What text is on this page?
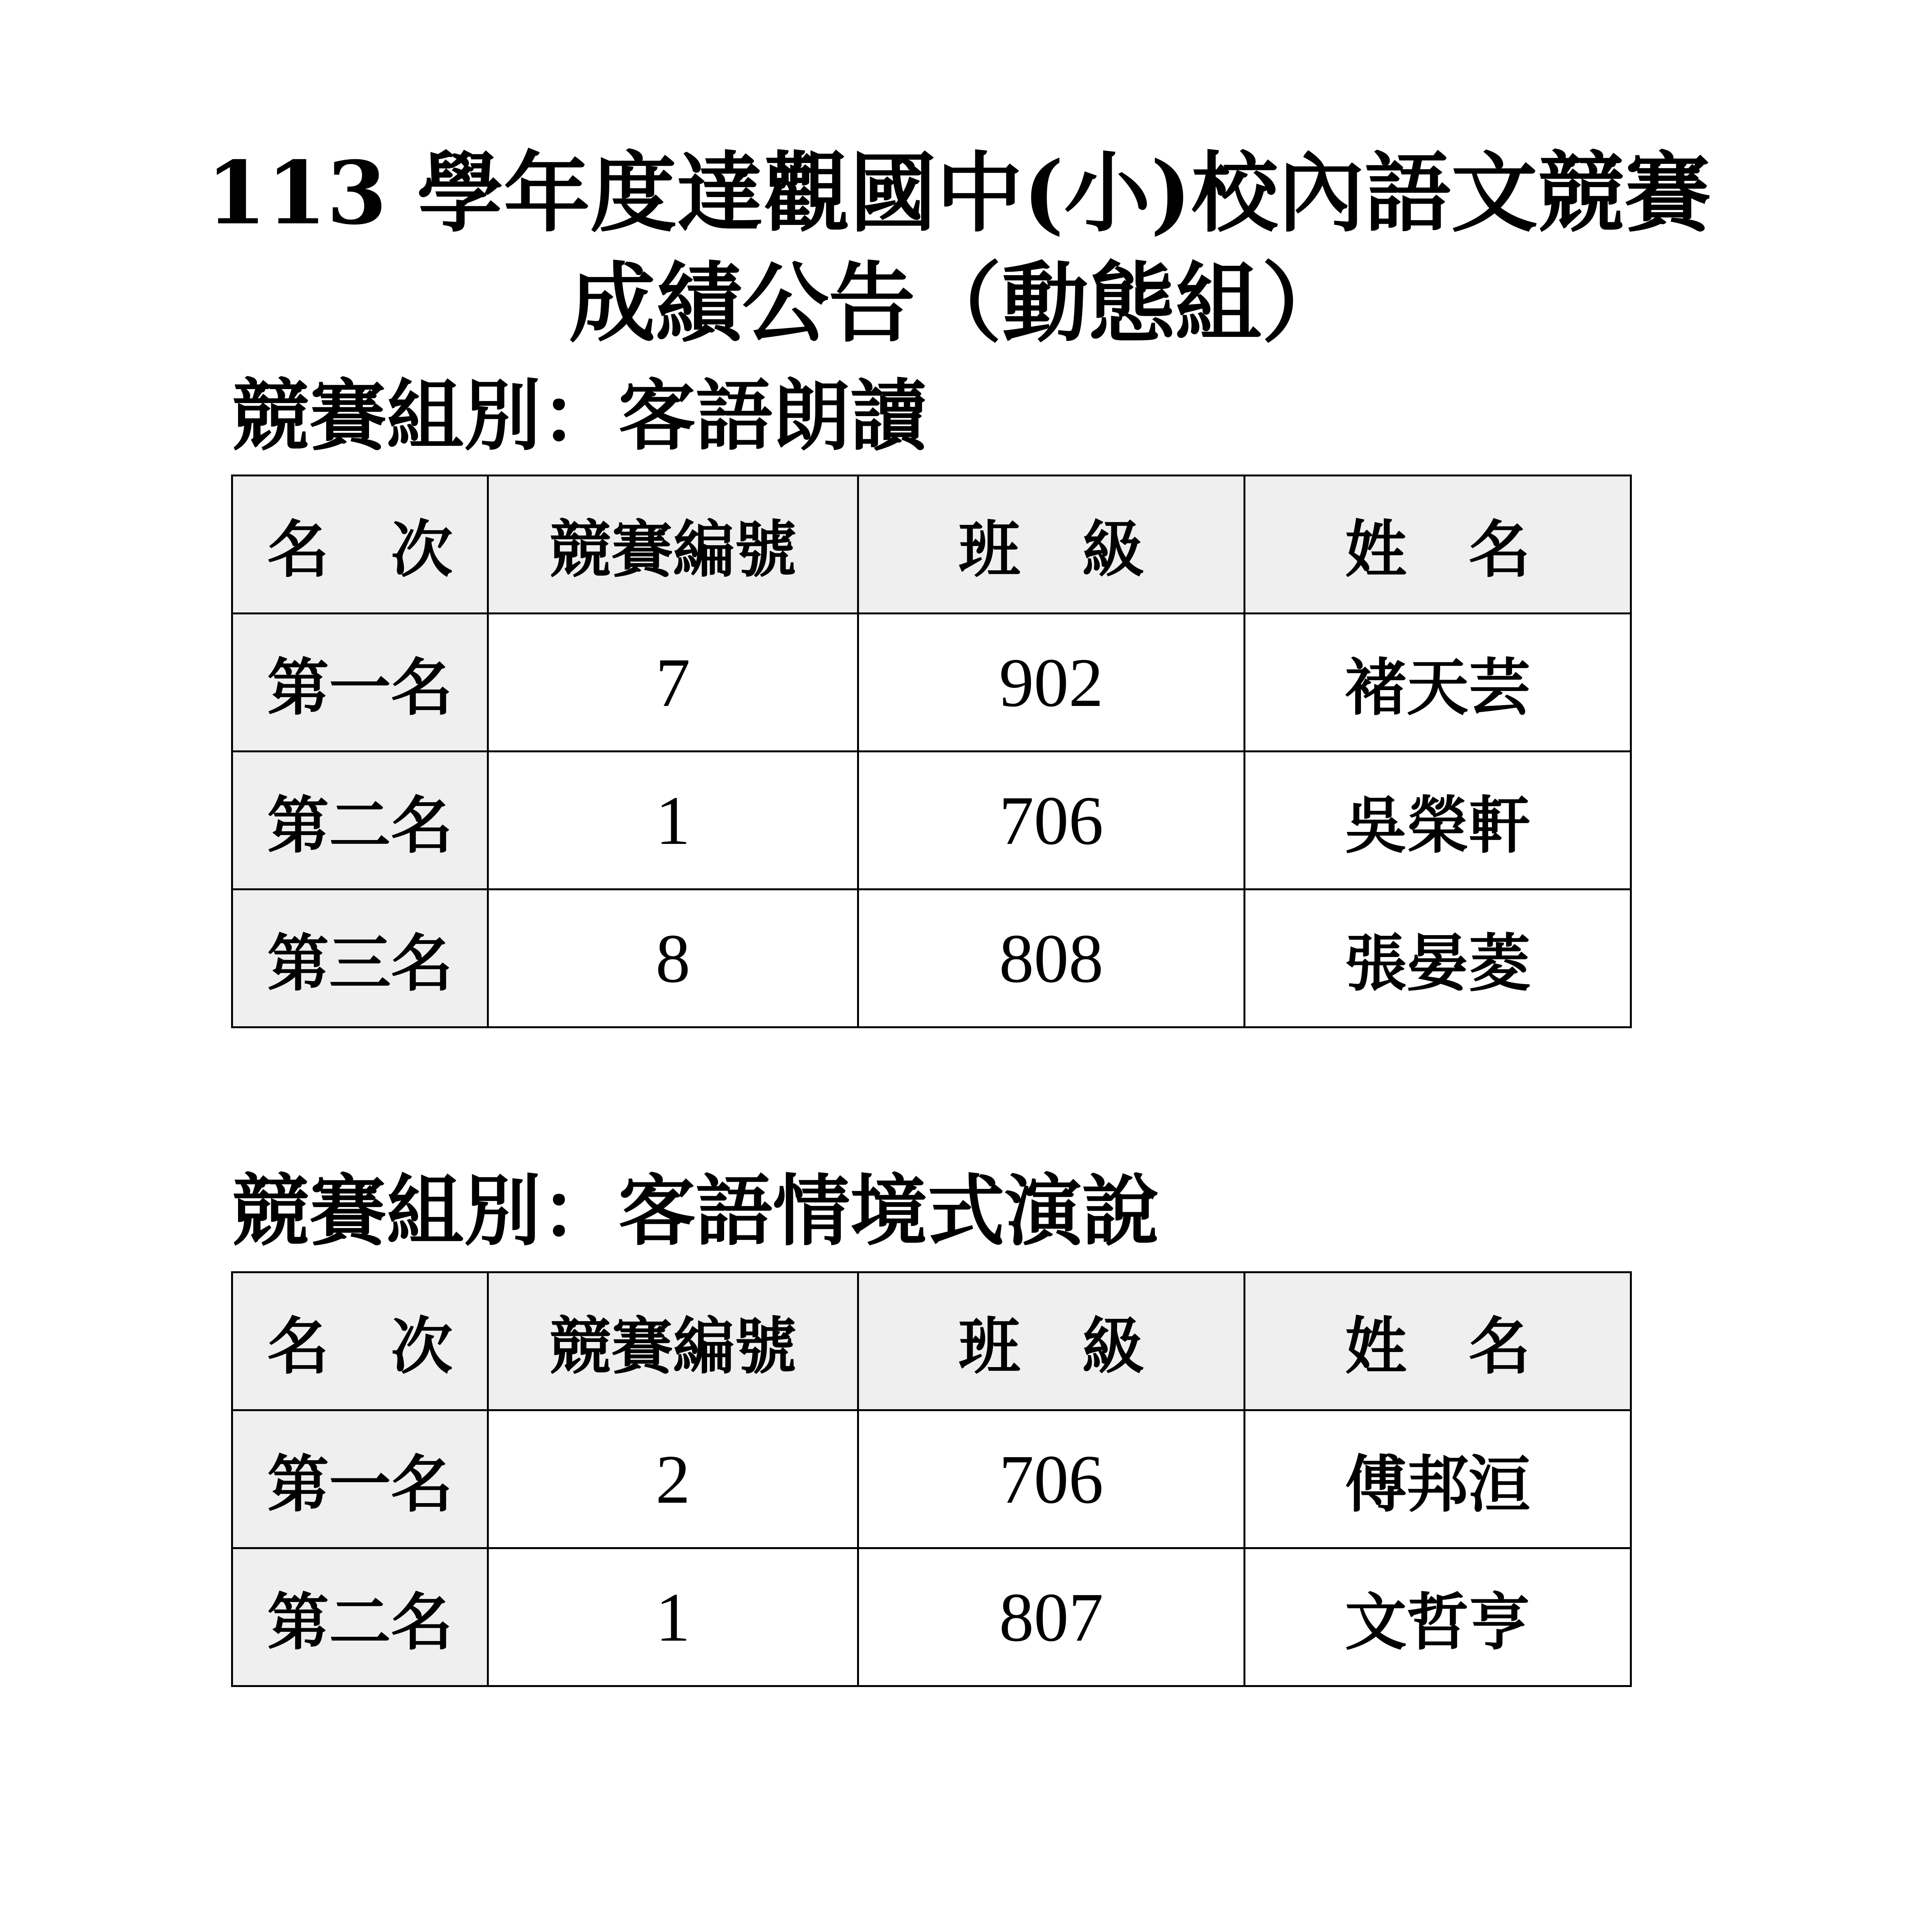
113 學年度達觀國中(小)校內語文競賽
成績公告（動態組）
競賽組別：客語朗讀
名　次	競賽編號	班　級	姓　名
第一名	7	902	褚天芸
第二名	1	706	吳榮軒
第三名	8	808	張晏菱
競賽組別：客語情境式演說
名　次	競賽編號	班　級	姓　名
第一名	2	706	傅邦洹
第二名	1	807	文哲亨
